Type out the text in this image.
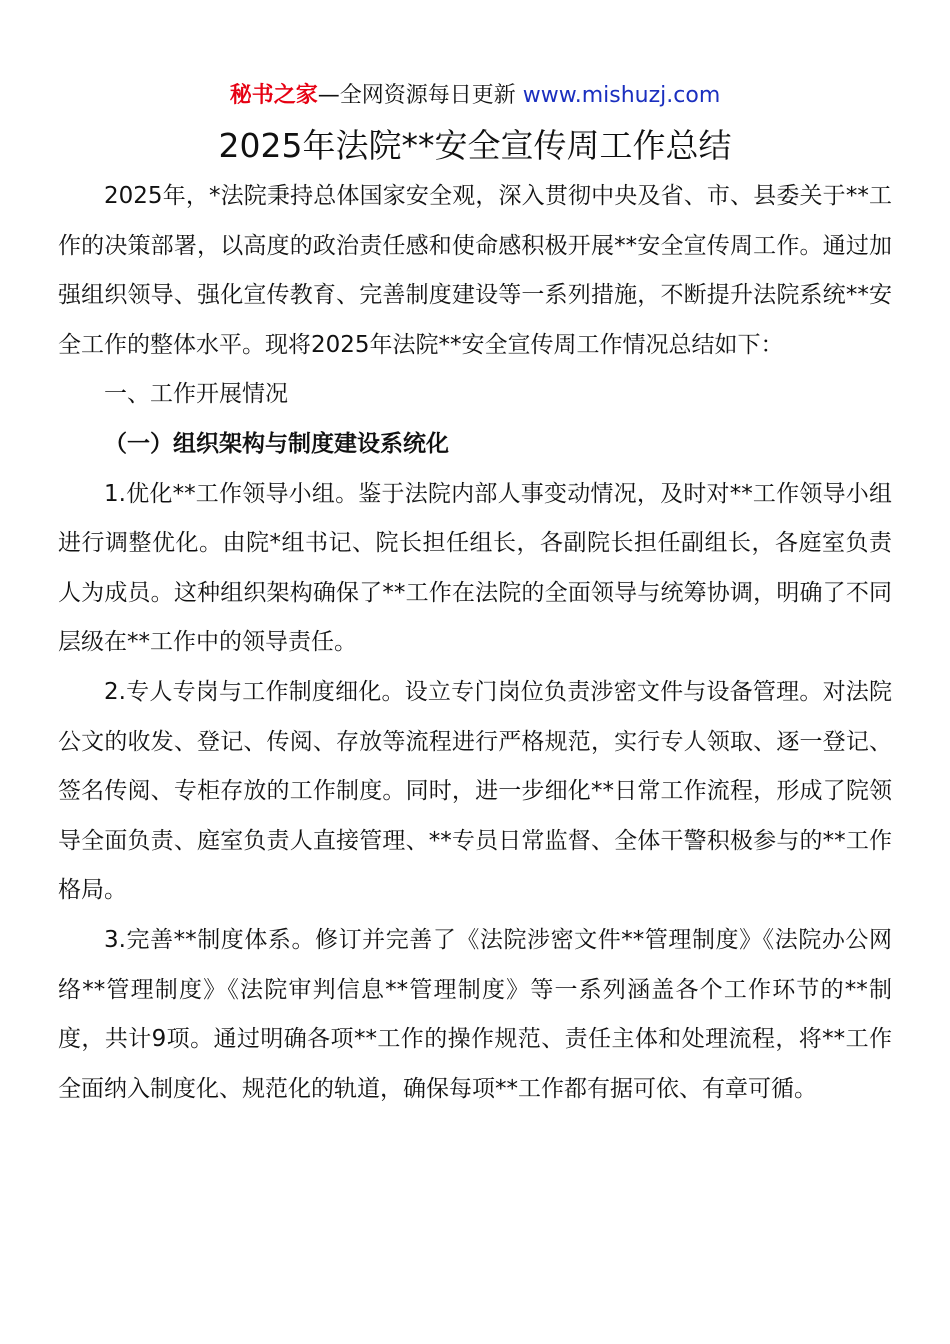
秘书之家—全网资源每日更新 www.mishuzj.com
2025年法院**安全宣传周工作总结

2025年，*法院秉持总体国家安全观，深入贯彻中央及省、市、县委关于**工作的决策部署，以高度的政治责任感和使命感积极开展**安全宣传周工作。通过加强组织领导、强化宣传教育、完善制度建设等一系列措施，不断提升法院系统**安全工作的整体水平。现将2025年法院**安全宣传周工作情况总结如下：

一、工作开展情况

（一）组织架构与制度建设系统化

1.优化**工作领导小组。鉴于法院内部人事变动情况，及时对**工作领导小组进行调整优化。由院*组书记、院长担任组长，各副院长担任副组长，各庭室负责人为成员。这种组织架构确保了**工作在法院的全面领导与统筹协调，明确了不同层级在**工作中的领导责任。

2.专人专岗与工作制度细化。设立专门岗位负责涉密文件与设备管理。对法院公文的收发、登记、传阅、存放等流程进行严格规范，实行专人领取、逐一登记、签名传阅、专柜存放的工作制度。同时，进一步细化**日常工作流程，形成了院领导全面负责、庭室负责人直接管理、**专员日常监督、全体干警积极参与的**工作格局。

3.完善**制度体系。修订并完善了《法院涉密文件**管理制度》《法院办公网络**管理制度》《法院审判信息**管理制度》等一系列涵盖各个工作环节的**制度，共计9项。通过明确各项**工作的操作规范、责任主体和处理流程，将**工作全面纳入制度化、规范化的轨道，确保每项**工作都有据可依、有章可循。
